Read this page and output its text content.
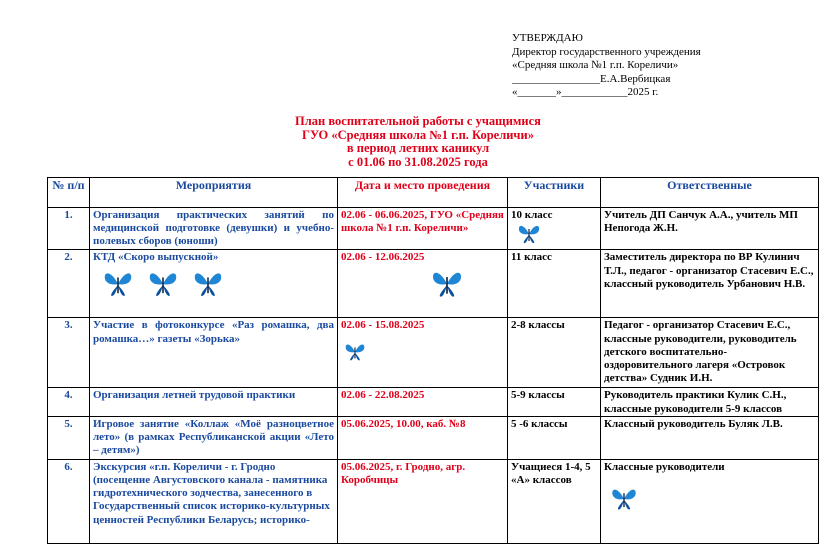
УТВЕРЖДАЮ
Директор государственного учреждения
«Средняя школа №1 г.п. Кореличи»
________________Е.А.Вербицкая
«_______»____________2025 г.
План воспитательной работы с учащимися
ГУО «Средняя школа №1 г.п. Кореличи»
в период летних каникул
с 01.06 по 31.08.2025 года
№ п/п	Мероприятия	Дата и место проведения	Участники	Ответственные
1.	Организация практических занятий по медицинской подготовке (девушки) и учебно-полевых сборов (юноши)	02.06 - 06.06.2025, ГУО «Средняя школа №1 г.п. Кореличи»	10 класс	Учитель ДП Санчук А.А., учитель МП Непогода Ж.Н.
2.	КТД «Скоро выпускной»	02.06 - 12.06.2025	11 класс	Заместитель директора по ВР Кулинич Т.Л., педагог - организатор Стасевич Е.С., классный руководитель Урбанович Н.В.
3.	Участие в фотоконкурсе «Раз ромашка, два ромашка…» газеты «Зорька»	02.06 - 15.08.2025	2-8 классы	Педагог - организатор Стасевич Е.С., классные руководители, руководитель детского воспитательно-оздоровительного лагеря «Островок детства» Судник И.Н.
4.	Организация летней трудовой практики	02.06 - 22.08.2025	5-9 классы	Руководитель практики Кулик С.Н., классные руководители 5-9 классов
5.	Игровое занятие «Коллаж «Моё разноцветное лето» (в рамках Республиканской акции «Лето – детям»)	05.06.2025, 10.00, каб. №8	5 -6 классы	Классный руководитель Буляк Л.В.
6.	Экскурсия «г.п. Кореличи - г. Гродно (посещение Августовского канала - памятника гидротехнического зодчества, занесенного в Государственный список историко-культурных ценностей Республики Беларусь; историко-	05.06.2025, г. Гродно, агр. Коробчицы	Учащиеся 1-4, 5 «А» классов	Классные руководители
